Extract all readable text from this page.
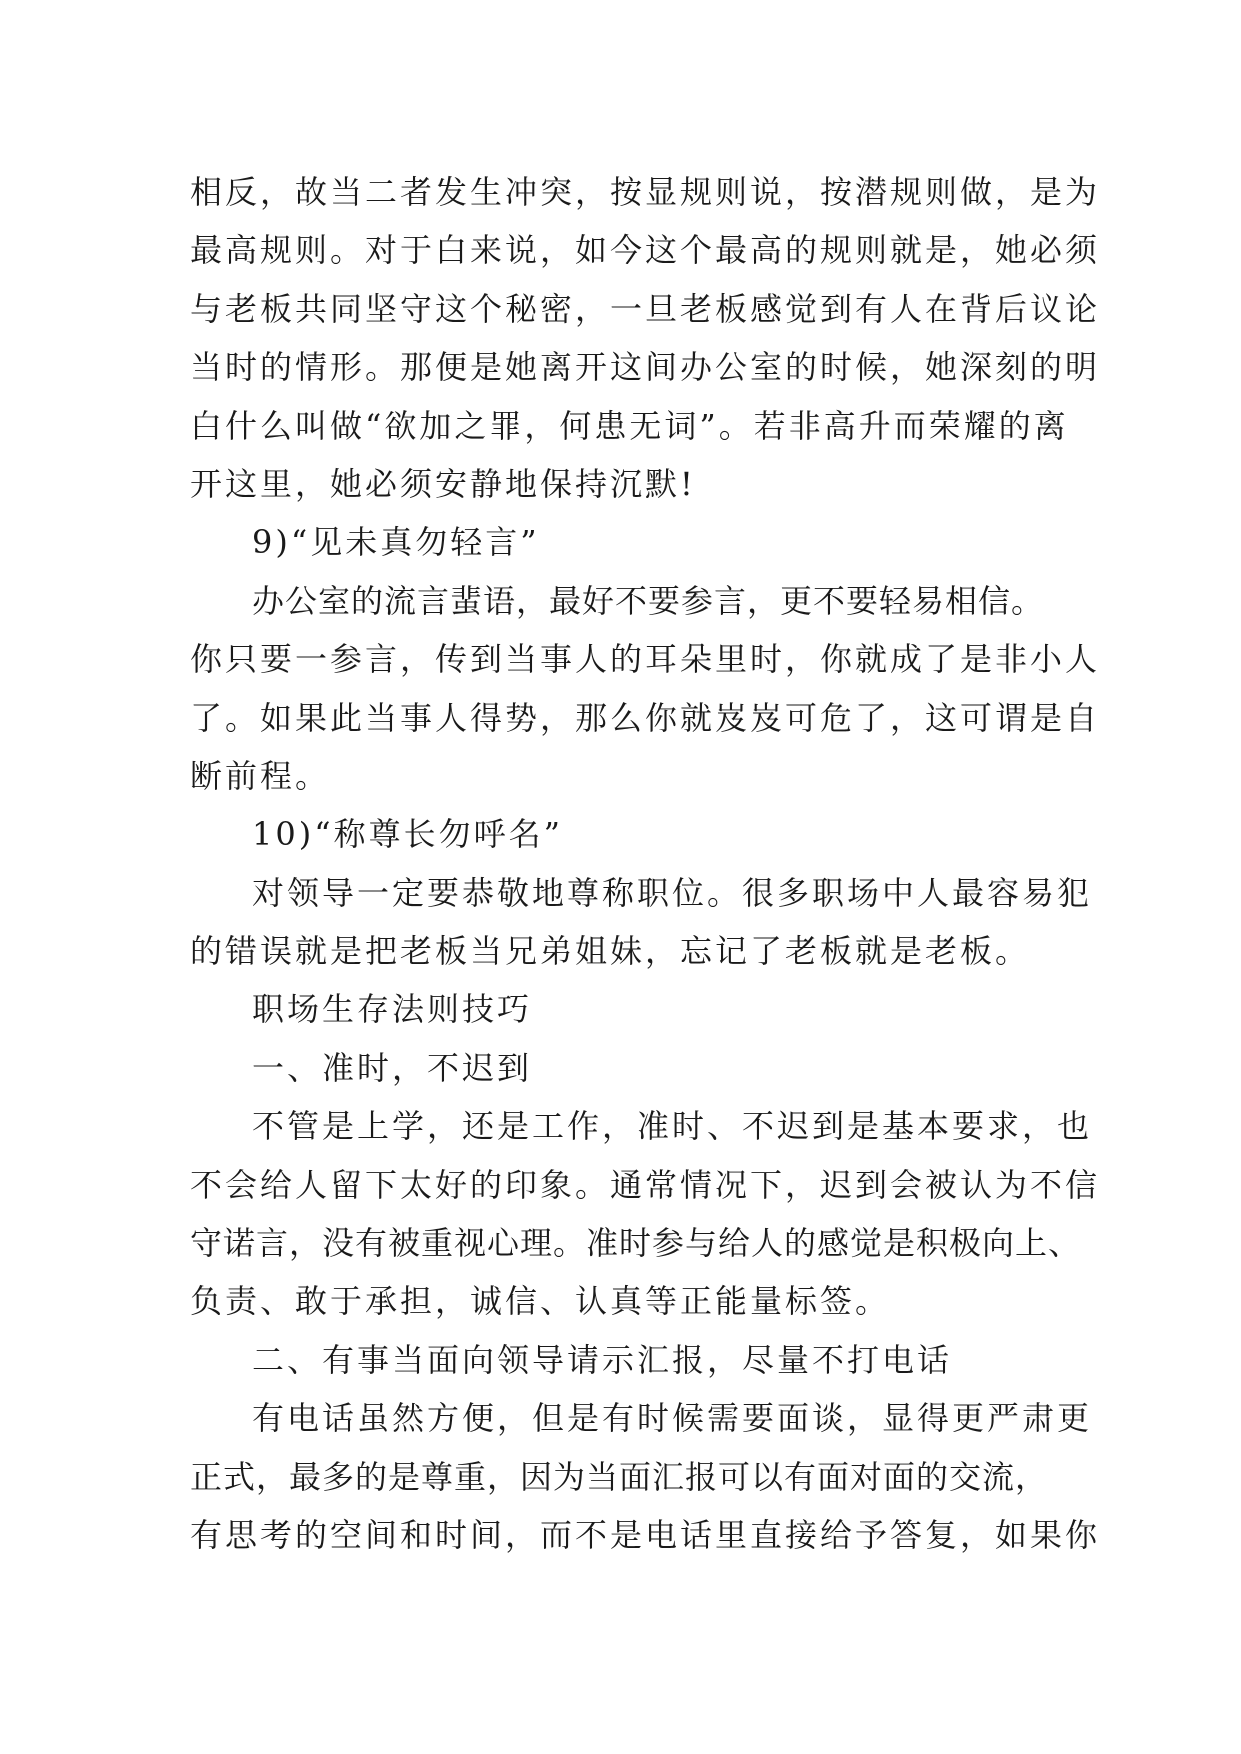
相反，故当二者发生冲突，按显规则说，按潜规则做，是为
最高规则。对于白来说，如今这个最高的规则就是，她必须
与老板共同坚守这个秘密，一旦老板感觉到有人在背后议论
当时的情形。那便是她离开这间办公室的时候，她深刻的明
白什么叫做“欲加之罪，何患无词”。若非高升而荣耀的离
开这里，她必须安静地保持沉默!
9)“见未真勿轻言”
办公室的流言蜚语，最好不要参言，更不要轻易相信。
你只要一参言，传到当事人的耳朵里时，你就成了是非小人
了。如果此当事人得势，那么你就岌岌可危了，这可谓是自
断前程。
10)“称尊长勿呼名”
对领导一定要恭敬地尊称职位。很多职场中人最容易犯
的错误就是把老板当兄弟姐妹，忘记了老板就是老板。
职场生存法则技巧
一、准时，不迟到
不管是上学，还是工作，准时、不迟到是基本要求，也
不会给人留下太好的印象。通常情况下，迟到会被认为不信
守诺言，没有被重视心理。准时参与给人的感觉是积极向上、
负责、敢于承担，诚信、认真等正能量标签。
二、有事当面向领导请示汇报，尽量不打电话
有电话虽然方便，但是有时候需要面谈，显得更严肃更
正式，最多的是尊重，因为当面汇报可以有面对面的交流，
有思考的空间和时间，而不是电话里直接给予答复，如果你
